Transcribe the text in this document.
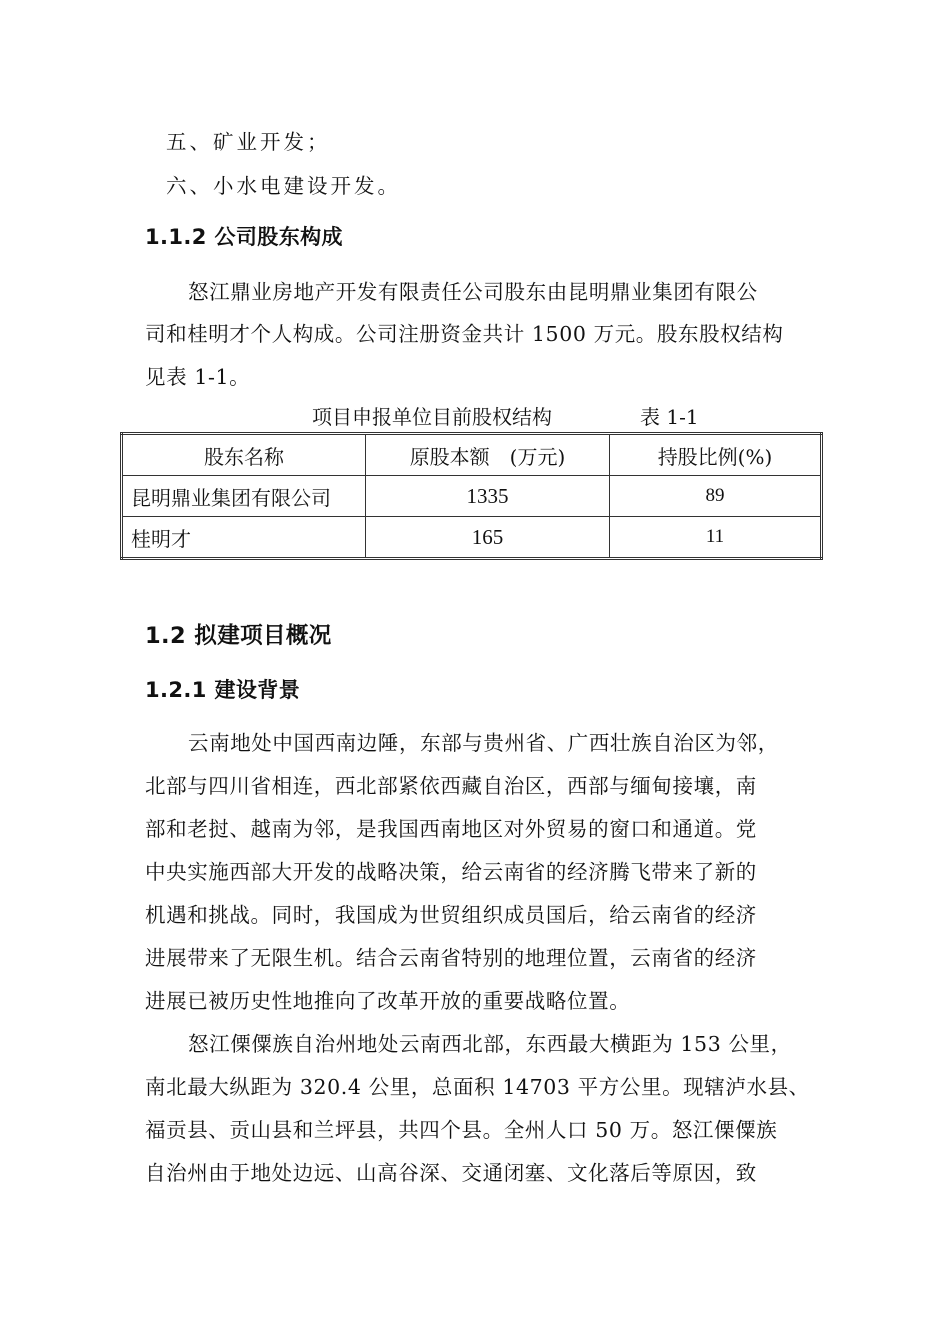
五、矿业开发；
六、小水电建设开发。
1.1.2 公司股东构成
怒江鼎业房地产开发有限责任公司股东由昆明鼎业集团有限公
司和桂明才个人构成。公司注册资金共计 1500 万元。股东股权结构
见表 1-1。
项目申报单位目前股权结构	表 1-1
股东名称	原股本额　(万元)	持股比例(%)
昆明鼎业集团有限公司	1335	89
桂明才	165	11
1.2 拟建项目概况
1.2.1 建设背景
云南地处中国西南边陲，东部与贵州省、广西壮族自治区为邻，
北部与四川省相连，西北部紧依西藏自治区，西部与缅甸接壤，南
部和老挝、越南为邻，是我国西南地区对外贸易的窗口和通道。党
中央实施西部大开发的战略决策，给云南省的经济腾飞带来了新的
机遇和挑战。同时，我国成为世贸组织成员国后，给云南省的经济
进展带来了无限生机。结合云南省特别的地理位置，云南省的经济
进展已被历史性地推向了改革开放的重要战略位置。
怒江傈僳族自治州地处云南西北部，东西最大横距为 153 公里，
南北最大纵距为 320.4 公里，总面积 14703 平方公里。现辖泸水县、
福贡县、贡山县和兰坪县，共四个县。全州人口 50 万。怒江傈僳族
自治州由于地处边远、山高谷深、交通闭塞、文化落后等原因，致
